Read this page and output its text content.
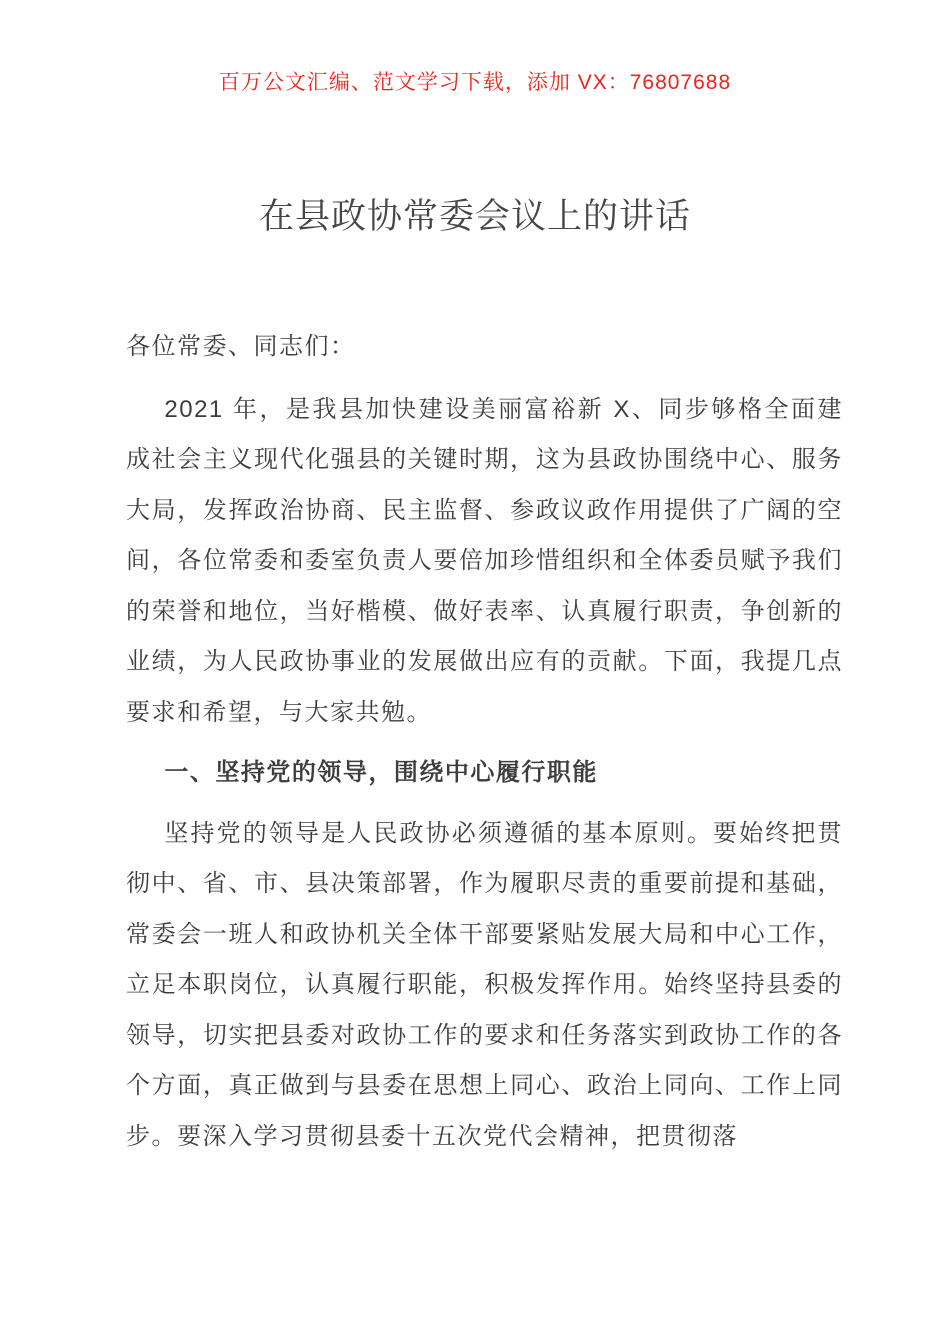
百万公文汇编、范文学习下载，添加 VX：76807688
在县政协常委会议上的讲话

各位常委、同志们：

2021 年，是我县加快建设美丽富裕新 X、同步够格全面建成社会主义现代化强县的关键时期，这为县政协围绕中心、服务大局，发挥政治协商、民主监督、参政议政作用提供了广阔的空间，各位常委和委室负责人要倍加珍惜组织和全体委员赋予我们的荣誉和地位，当好楷模、做好表率、认真履行职责，争创新的业绩，为人民政协事业的发展做出应有的贡献。下面，我提几点要求和希望，与大家共勉。

一、坚持党的领导，围绕中心履行职能

坚持党的领导是人民政协必须遵循的基本原则。要始终把贯彻中、省、市、县决策部署，作为履职尽责的重要前提和基础，常委会一班人和政协机关全体干部要紧贴发展大局和中心工作，立足本职岗位，认真履行职能，积极发挥作用。始终坚持县委的领导，切实把县委对政协工作的要求和任务落实到政协工作的各个方面，真正做到与县委在思想上同心、政治上同向、工作上同步。要深入学习贯彻县委十五次党代会精神，把贯彻落
